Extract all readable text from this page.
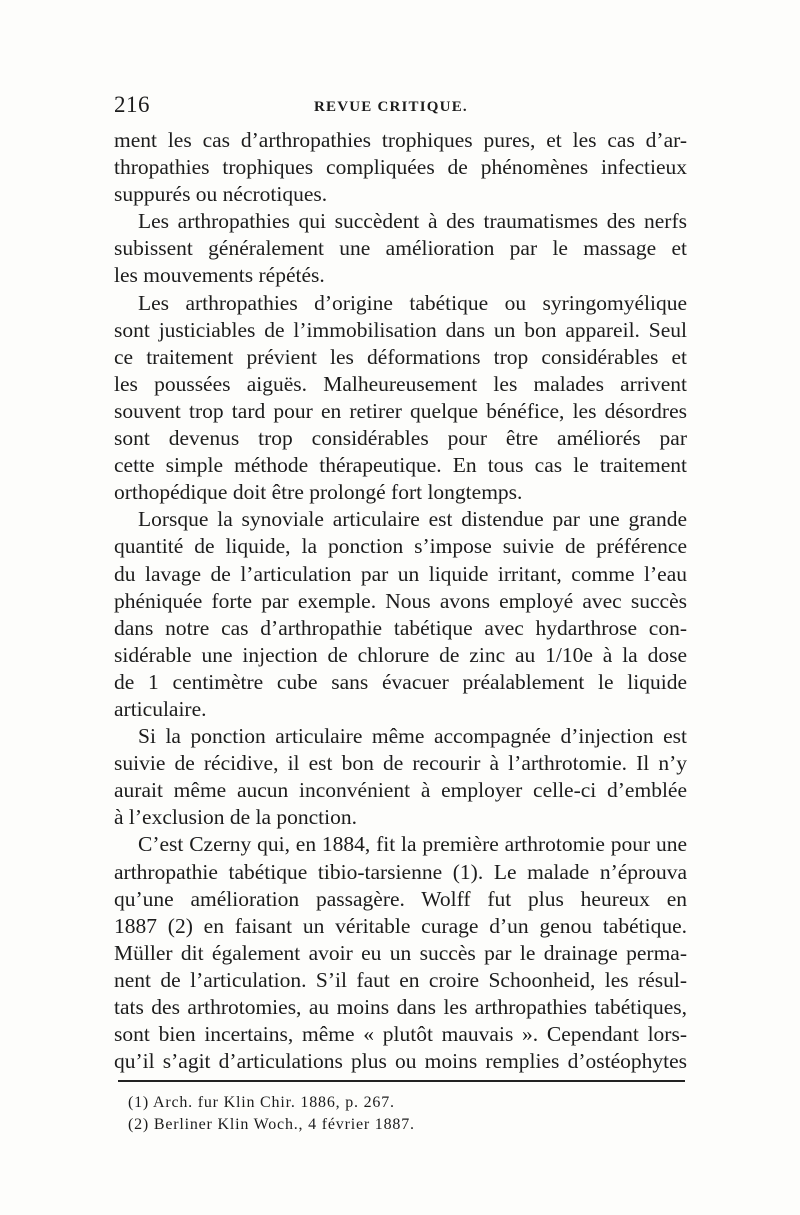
216	REVUE CRITIQUE.
ment les cas d’arthropathies trophiques pures, et les cas d’ar-
thropathies trophiques compliquées de phénomènes infectieux
suppurés ou nécrotiques.
Les arthropathies qui succèdent à des traumatismes des nerfs
subissent généralement une amélioration par le massage et
les mouvements répétés.
Les arthropathies d’origine tabétique ou syringomyélique
sont justiciables de l’immobilisation dans un bon appareil. Seul
ce traitement prévient les déformations trop considérables et
les poussées aiguës. Malheureusement les malades arrivent
souvent trop tard pour en retirer quelque bénéfice, les désordres
sont devenus trop considérables pour être améliorés par
cette simple méthode thérapeutique. En tous cas le traitement
orthopédique doit être prolongé fort longtemps.
Lorsque la synoviale articulaire est distendue par une grande
quantité de liquide, la ponction s’impose suivie de préférence
du lavage de l’articulation par un liquide irritant, comme l’eau
phéniquée forte par exemple. Nous avons employé avec succès
dans notre cas d’arthropathie tabétique avec hydarthrose con-
sidérable une injection de chlorure de zinc au 1/10e à la dose
de 1 centimètre cube sans évacuer préalablement le liquide
articulaire.
Si la ponction articulaire même accompagnée d’injection est
suivie de récidive, il est bon de recourir à l’arthrotomie. Il n’y
aurait même aucun inconvénient à employer celle-ci d’emblée
à l’exclusion de la ponction.
C’est Czerny qui, en 1884, fit la première arthrotomie pour une
arthropathie tabétique tibio-tarsienne (1). Le malade n’éprouva
qu’une amélioration passagère. Wolff fut plus heureux en
1887 (2) en faisant un véritable curage d’un genou tabétique.
Müller dit également avoir eu un succès par le drainage perma-
nent de l’articulation. S’il faut en croire Schoonheid, les résul-
tats des arthrotomies, au moins dans les arthropathies tabétiques,
sont bien incertains, même « plutôt mauvais ». Cependant lors-
qu’il s’agit d’articulations plus ou moins remplies d’ostéophytes
(1) Arch. fur Klin Chir. 1886, p. 267.
(2) Berliner Klin Woch., 4 février 1887.
